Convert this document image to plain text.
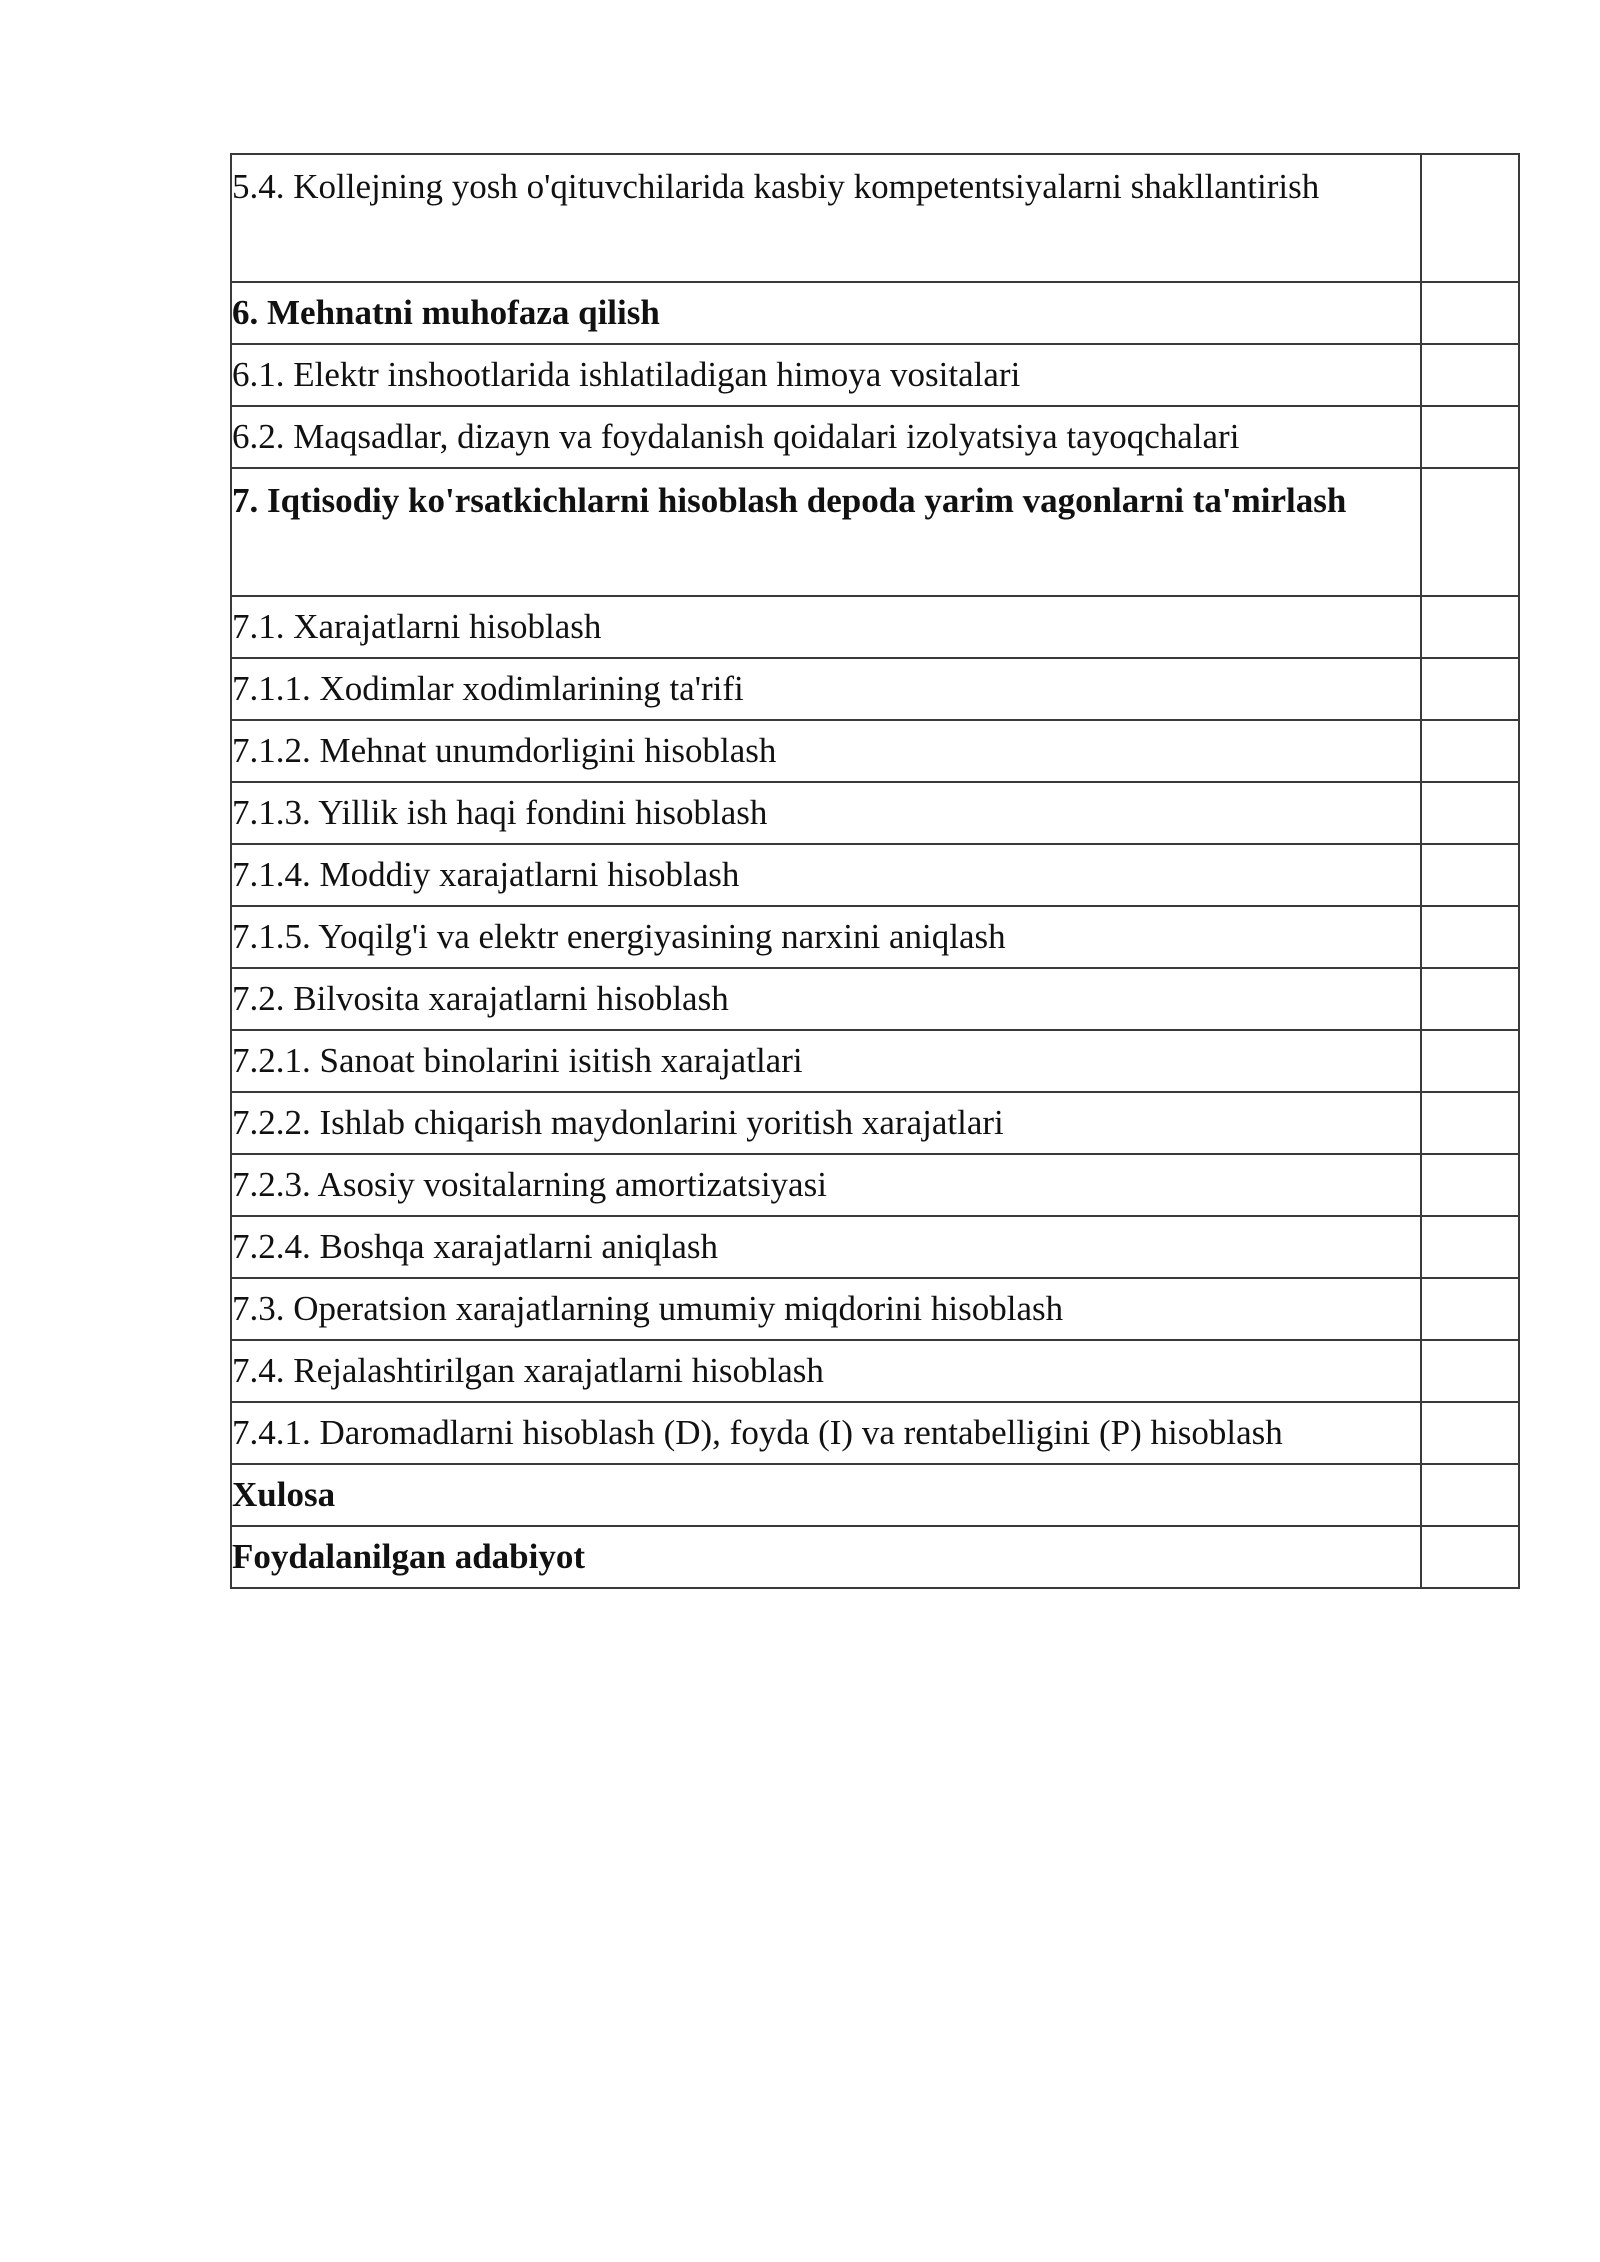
5.4. Kollejning yosh o'qituvchilarida kasbiy kompetentsiyalarni shakllantirish	
6. Mehnatni muhofaza qilish	
6.1. Elektr inshootlarida ishlatiladigan himoya vositalari	
6.2. Maqsadlar, dizayn va foydalanish qoidalari izolyatsiya tayoqchalari	
7. Iqtisodiy ko'rsatkichlarni hisoblash depoda yarim vagonlarni ta'mirlash	
7.1. Xarajatlarni hisoblash	
7.1.1. Xodimlar xodimlarining ta'rifi	
7.1.2. Mehnat unumdorligini hisoblash	
7.1.3. Yillik ish haqi fondini hisoblash	
7.1.4. Moddiy xarajatlarni hisoblash	
7.1.5. Yoqilg'i va elektr energiyasining narxini aniqlash	
7.2. Bilvosita xarajatlarni hisoblash	
7.2.1. Sanoat binolarini isitish xarajatlari	
7.2.2. Ishlab chiqarish maydonlarini yoritish xarajatlari	
7.2.3. Asosiy vositalarning amortizatsiyasi	
7.2.4. Boshqa xarajatlarni aniqlash	
7.3. Operatsion xarajatlarning umumiy miqdorini hisoblash	
7.4. Rejalashtirilgan xarajatlarni hisoblash	
7.4.1. Daromadlarni hisoblash (D), foyda (I) va rentabelligini (P) hisoblash	
Xulosa	
Foydalanilgan adabiyot	
